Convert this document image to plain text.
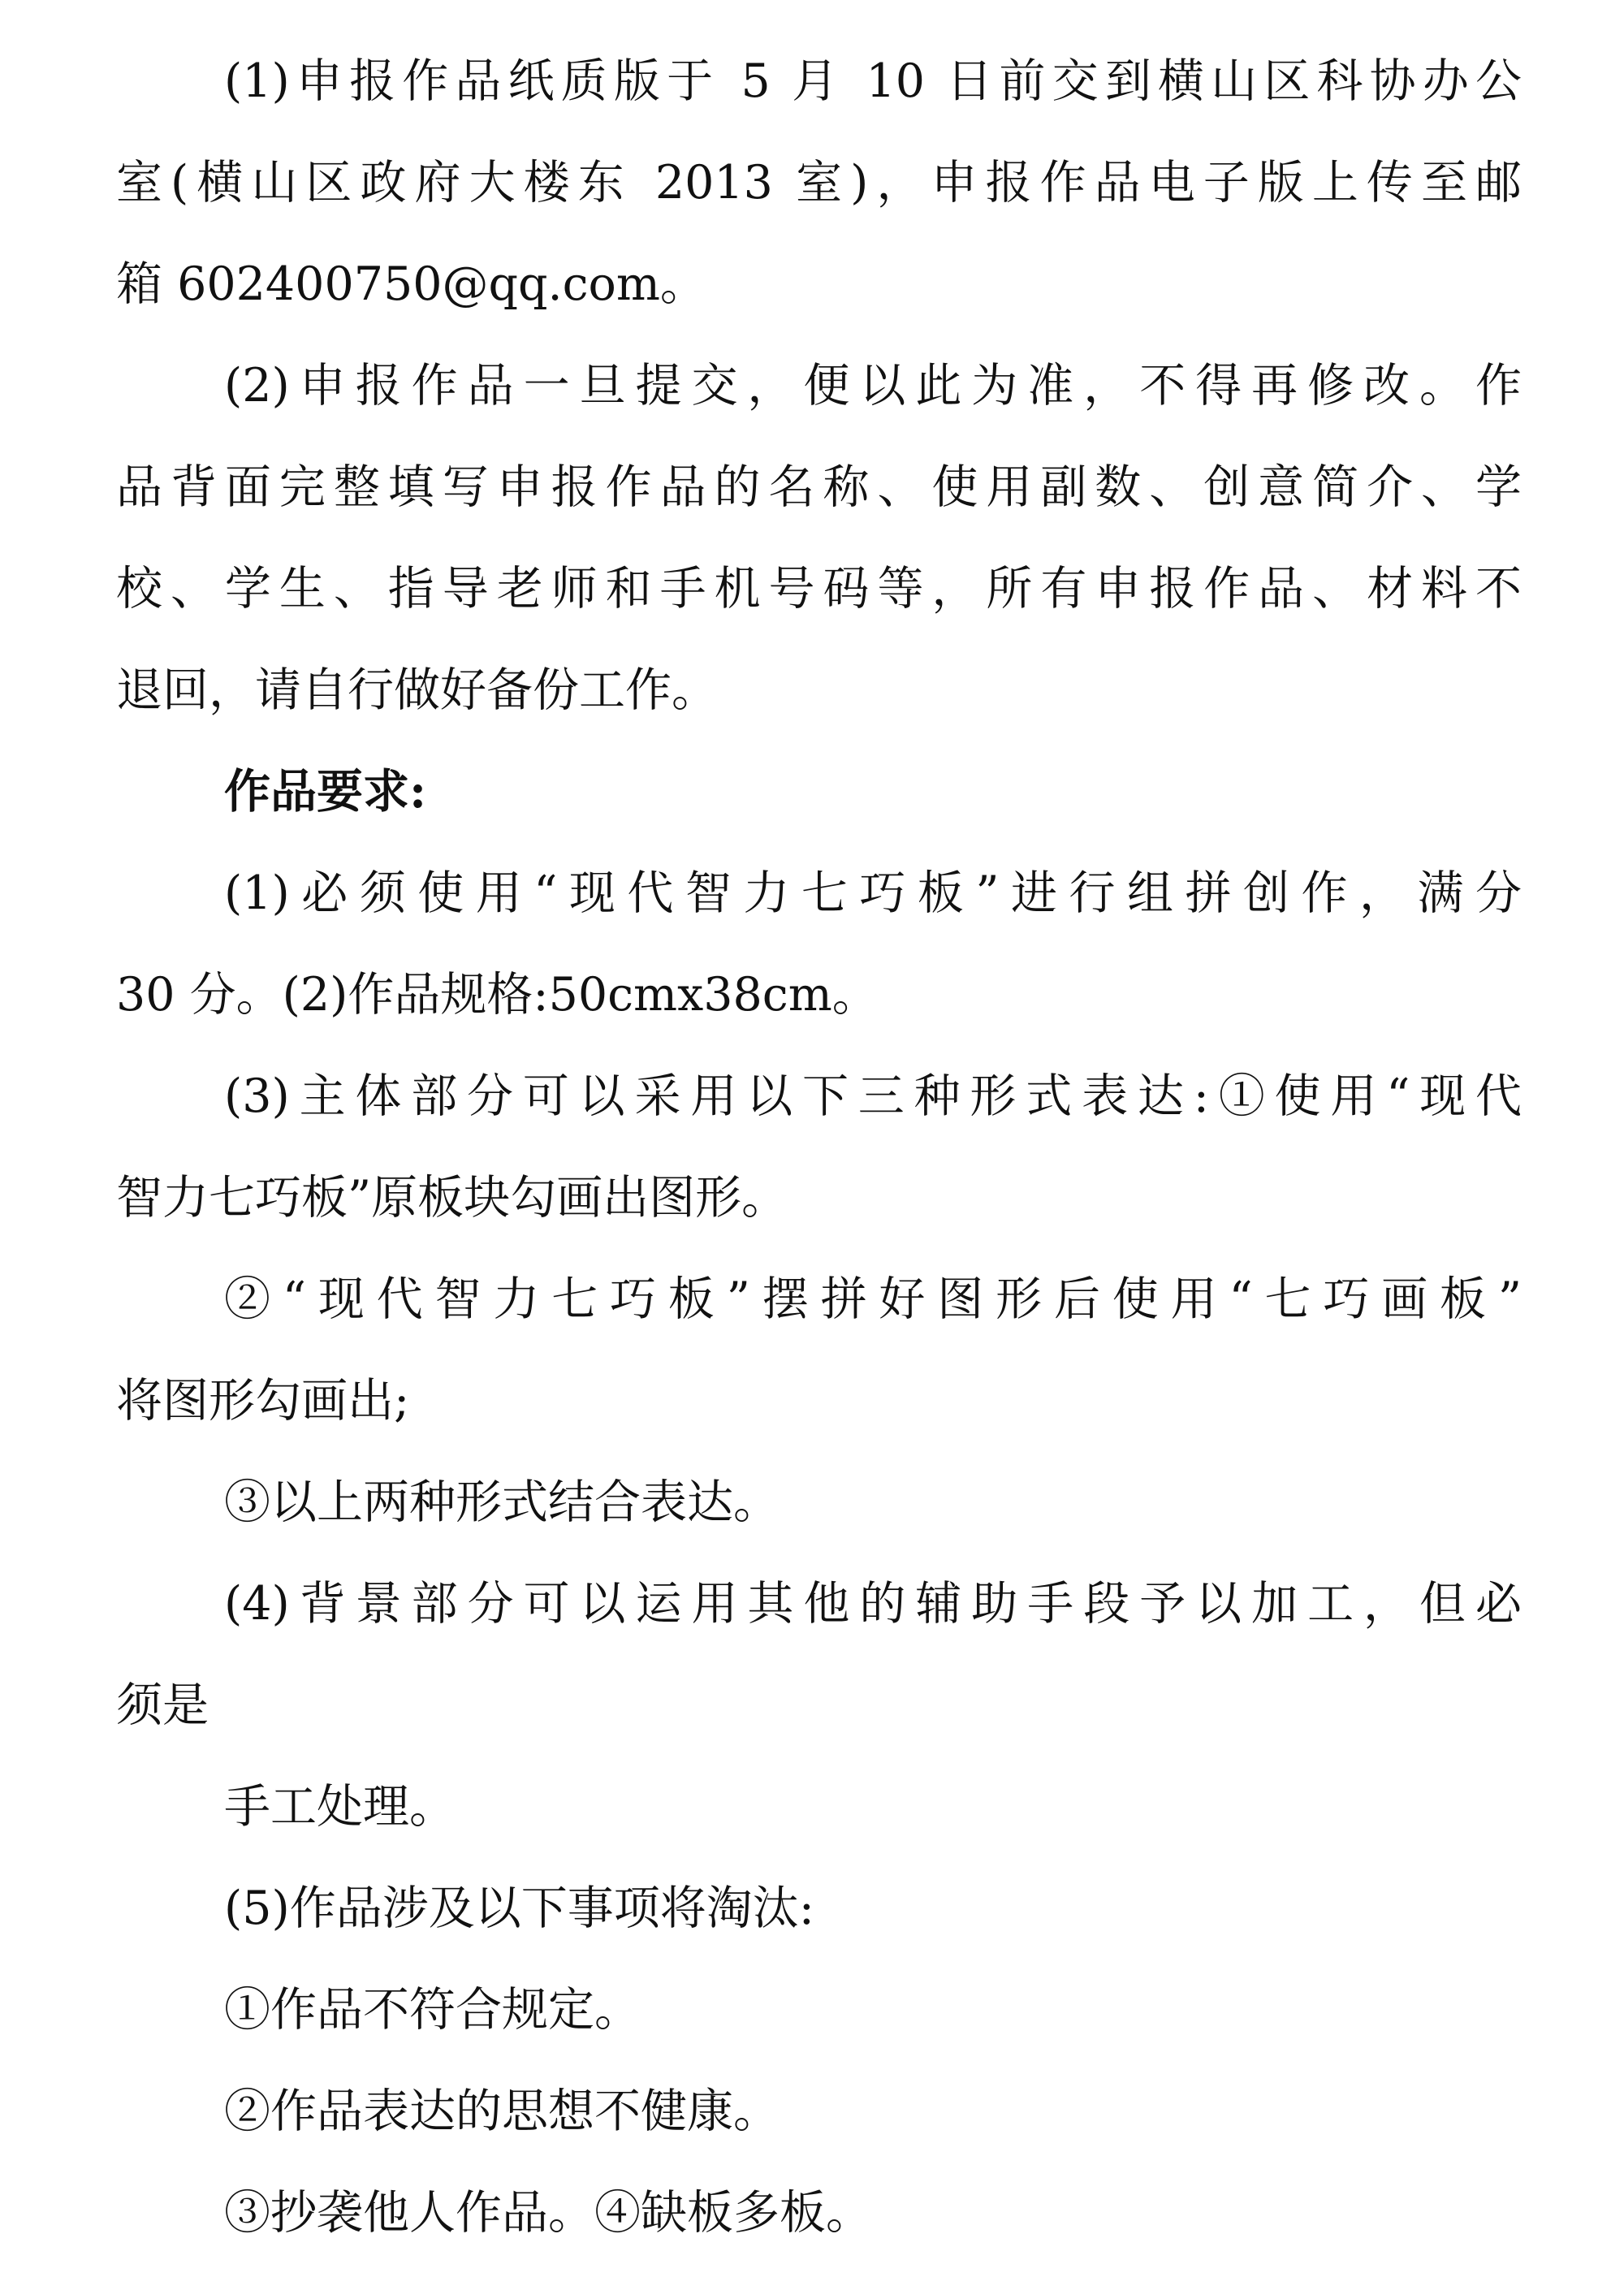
(1)申报作品纸质版于 5 月 10 日前交到横山区科协办公
室(横山区政府大楼东 2013 室)，申报作品电子版上传至邮
箱 602400750@qq.com。
(2)申报作品一旦提交，便以此为准，不得再修改。作
品背面完整填写申报作品的名称、使用副数、创意简介、学
校、学生、指导老师和手机号码等，所有申报作品、材料不
退回，请自行做好备份工作。
作品要求:
(1)必须使用“现代智力七巧板”进行组拼创作，满分
30 分。(2)作品规格:50cmx38cm。
(3)主体部分可以采用以下三种形式表达:①使用“现代
智力七巧板”原板块勾画出图形。
②“现代智力七巧板”摆拼好图形后使用“七巧画板”
将图形勾画出;
③以上两种形式结合表达。
(4)背景部分可以运用其他的辅助手段予以加工，但必
须是
手工处理。
(5)作品涉及以下事项将淘汰:
①作品不符合规定。
②作品表达的思想不健康。
③抄袭他人作品。④缺板多板。
